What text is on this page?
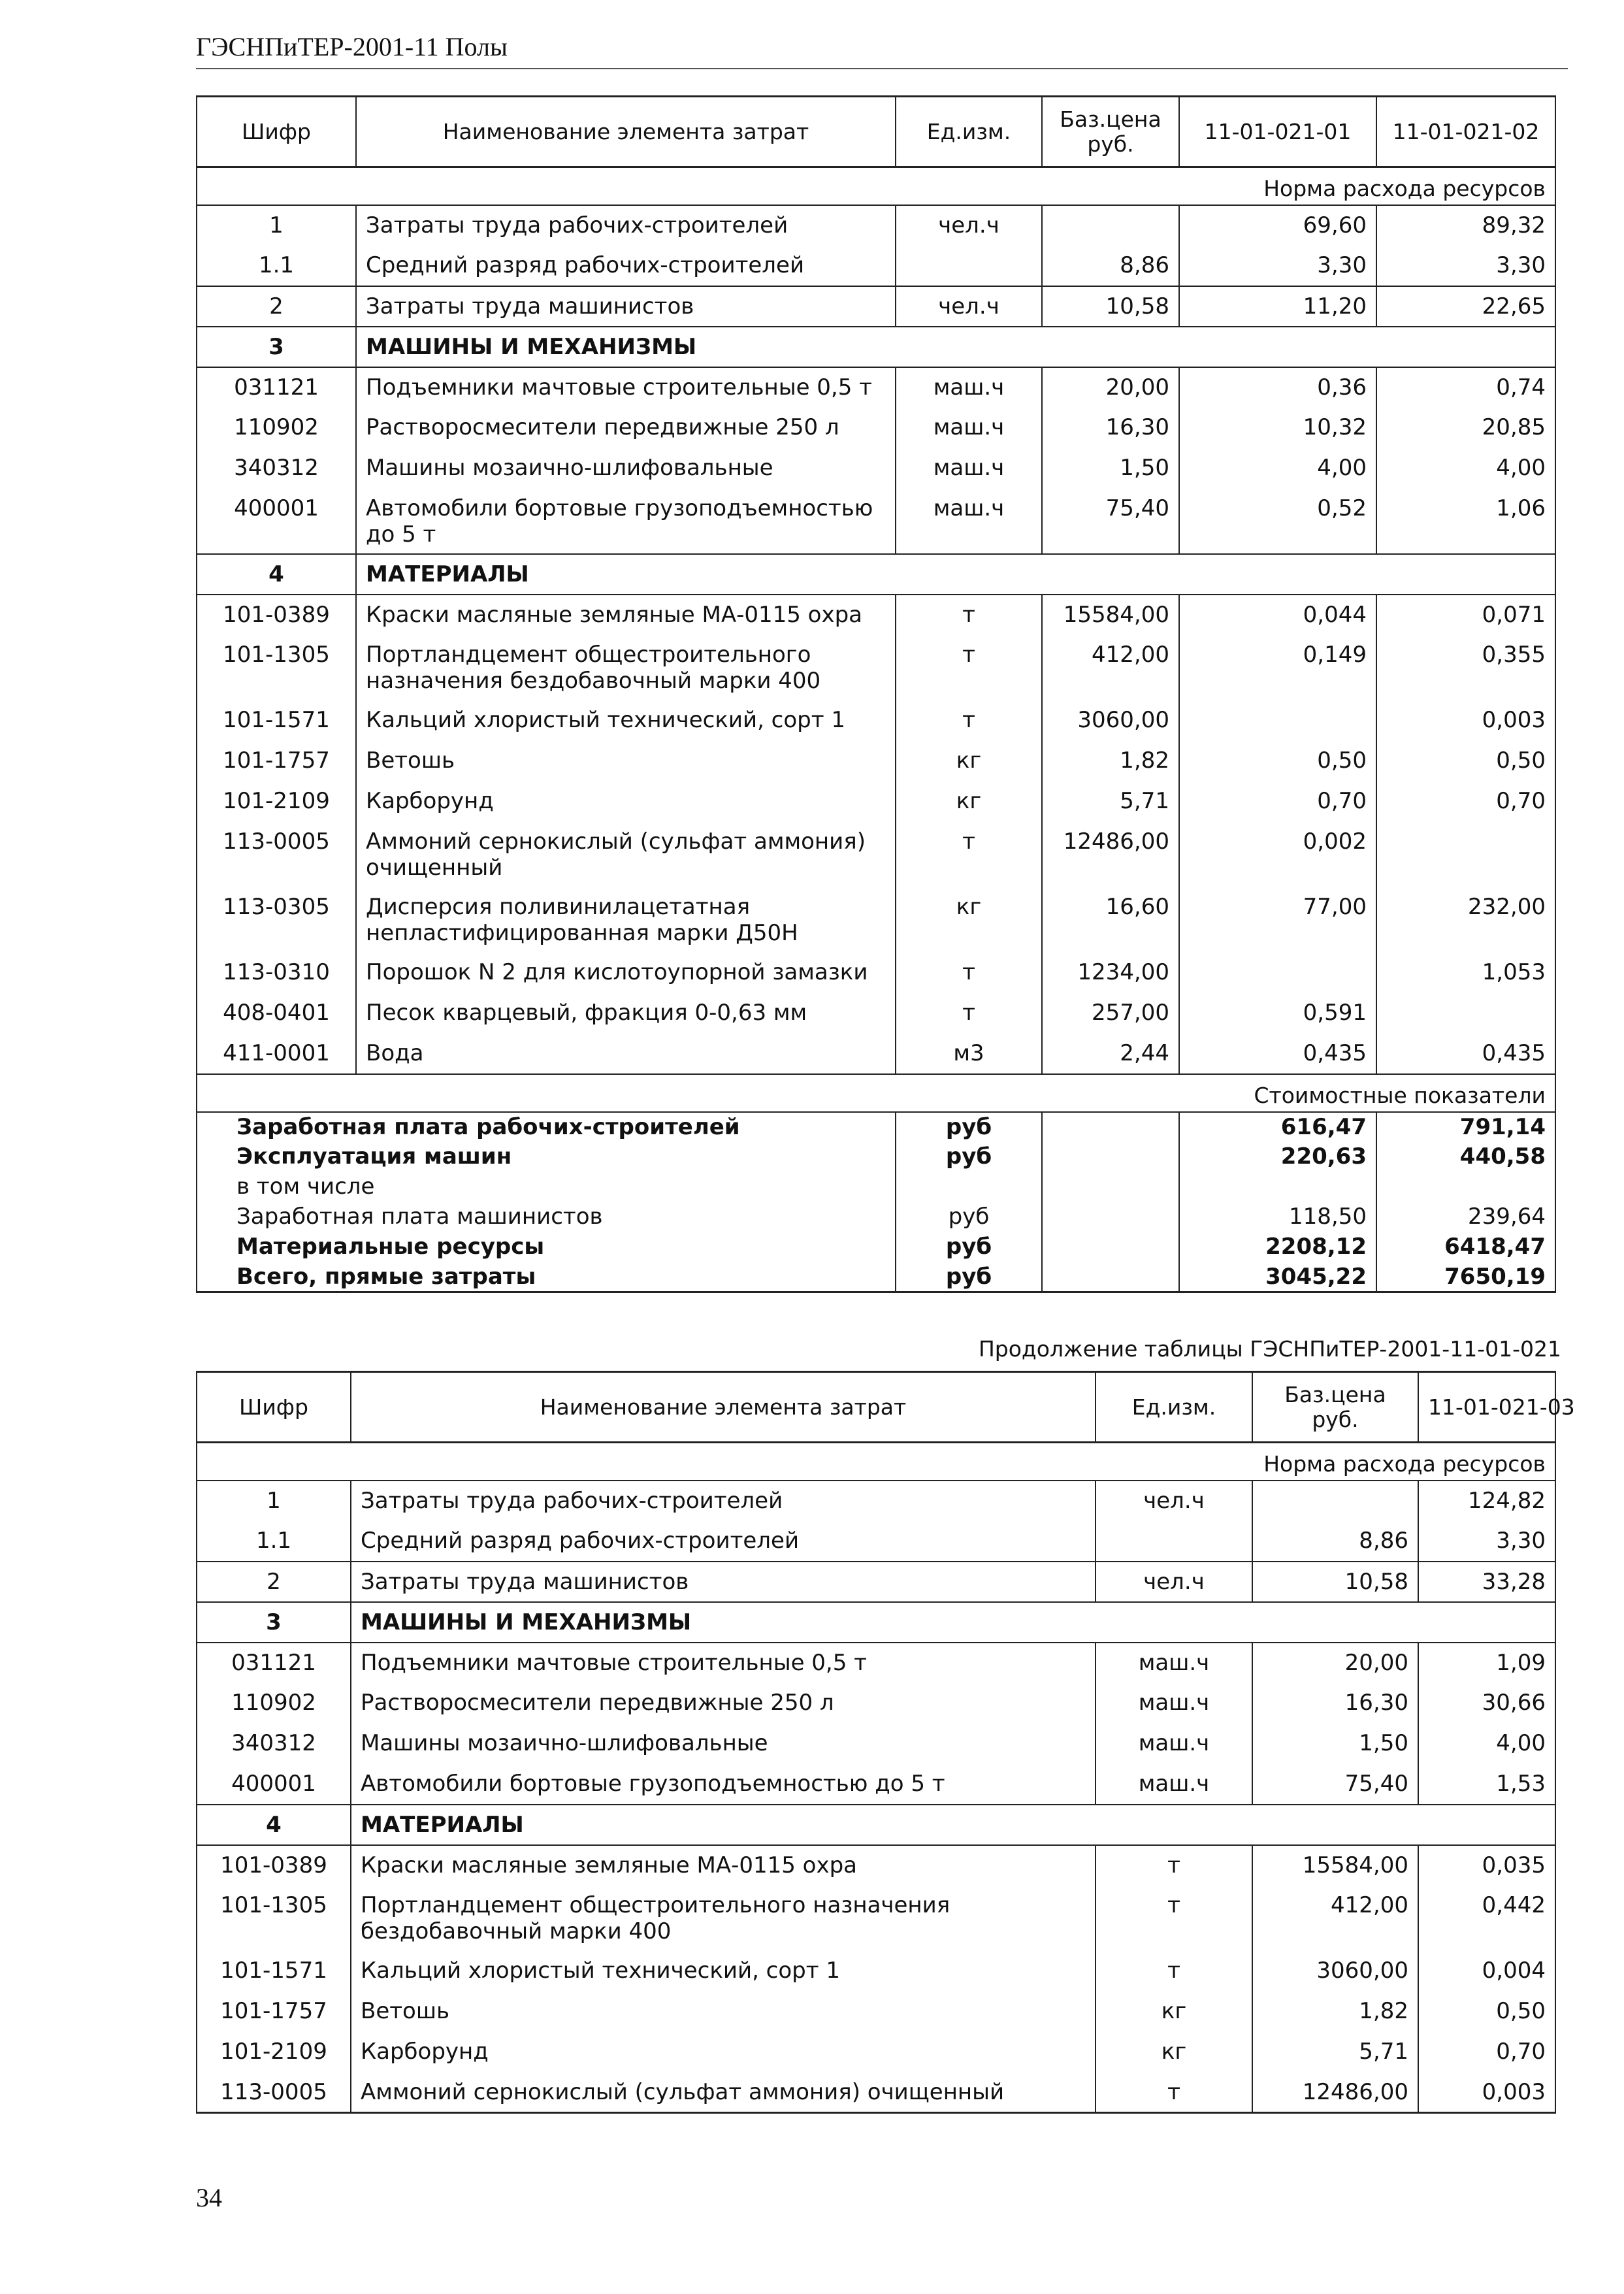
ГЭСНПиТЕР-2001-11 Полы
Шифр	Наименование элемента затрат	Ед.изм.	Баз.цена руб.	11-01-021-01	11-01-021-02
Норма расхода ресурсов					
1	Затраты труда рабочих-строителей	чел.ч		69,60	89,32
1.1	Средний разряд рабочих-строителей		8,86	3,30	3,30
2	Затраты труда машинистов	чел.ч	10,58	11,20	22,65
3	МАШИНЫ И МЕХАНИЗМЫ				
031121	Подъемники мачтовые строительные 0,5 т	маш.ч	20,00	0,36	0,74
110902	Растворосмесители передвижные 250 л	маш.ч	16,30	10,32	20,85
340312	Машины мозаично-шлифовальные	маш.ч	1,50	4,00	4,00
400001	Автомобили бортовые грузоподъемностью до 5 т	маш.ч	75,40	0,52	1,06
4	МАТЕРИАЛЫ				
101-0389	Краски масляные земляные МА-0115 охра	т	15584,00	0,044	0,071
101-1305	Портландцемент общестроительного назначения бездобавочный марки 400	т	412,00	0,149	0,355
101-1571	Кальций хлористый технический, сорт 1	т	3060,00		0,003
101-1757	Ветошь	кг	1,82	0,50	0,50
101-2109	Карборунд	кг	5,71	0,70	0,70
113-0005	Аммоний сернокислый (сульфат аммония) очищенный	т	12486,00	0,002	
113-0305	Дисперсия поливинилацетатная непластифицированная марки Д50Н	кг	16,60	77,00	232,00
113-0310	Порошок N 2 для кислотоупорной замазки	т	1234,00		1,053
408-0401	Песок кварцевый, фракция 0-0,63 мм	т	257,00	0,591	
411-0001	Вода	м3	2,44	0,435	0,435
Стоимостные показатели					
Заработная плата рабочих-строителей		руб		616,47	791,14
Эксплуатация машин		руб		220,63	440,58
в том числе					
Заработная плата машинистов		руб		118,50	239,64
Материальные ресурсы		руб		2208,12	6418,47
Всего, прямые затраты		руб		3045,22	7650,19
Продолжение таблицы ГЭСНПиТЕР-2001-11-01-021
Шифр	Наименование элемента затрат	Ед.изм.	Баз.цена руб.	11-01-021-03
Норма расхода ресурсов				
1	Затраты труда рабочих-строителей	чел.ч		124,82
1.1	Средний разряд рабочих-строителей		8,86	3,30
2	Затраты труда машинистов	чел.ч	10,58	33,28
3	МАШИНЫ И МЕХАНИЗМЫ			
031121	Подъемники мачтовые строительные 0,5 т	маш.ч	20,00	1,09
110902	Растворосмесители передвижные 250 л	маш.ч	16,30	30,66
340312	Машины мозаично-шлифовальные	маш.ч	1,50	4,00
400001	Автомобили бортовые грузоподъемностью до 5 т	маш.ч	75,40	1,53
4	МАТЕРИАЛЫ			
101-0389	Краски масляные земляные МА-0115 охра	т	15584,00	0,035
101-1305	Портландцемент общестроительного назначения бездобавочный марки 400	т	412,00	0,442
101-1571	Кальций хлористый технический, сорт 1	т	3060,00	0,004
101-1757	Ветошь	кг	1,82	0,50
101-2109	Карборунд	кг	5,71	0,70
113-0005	Аммоний сернокислый (сульфат аммония) очищенный	т	12486,00	0,003
34
